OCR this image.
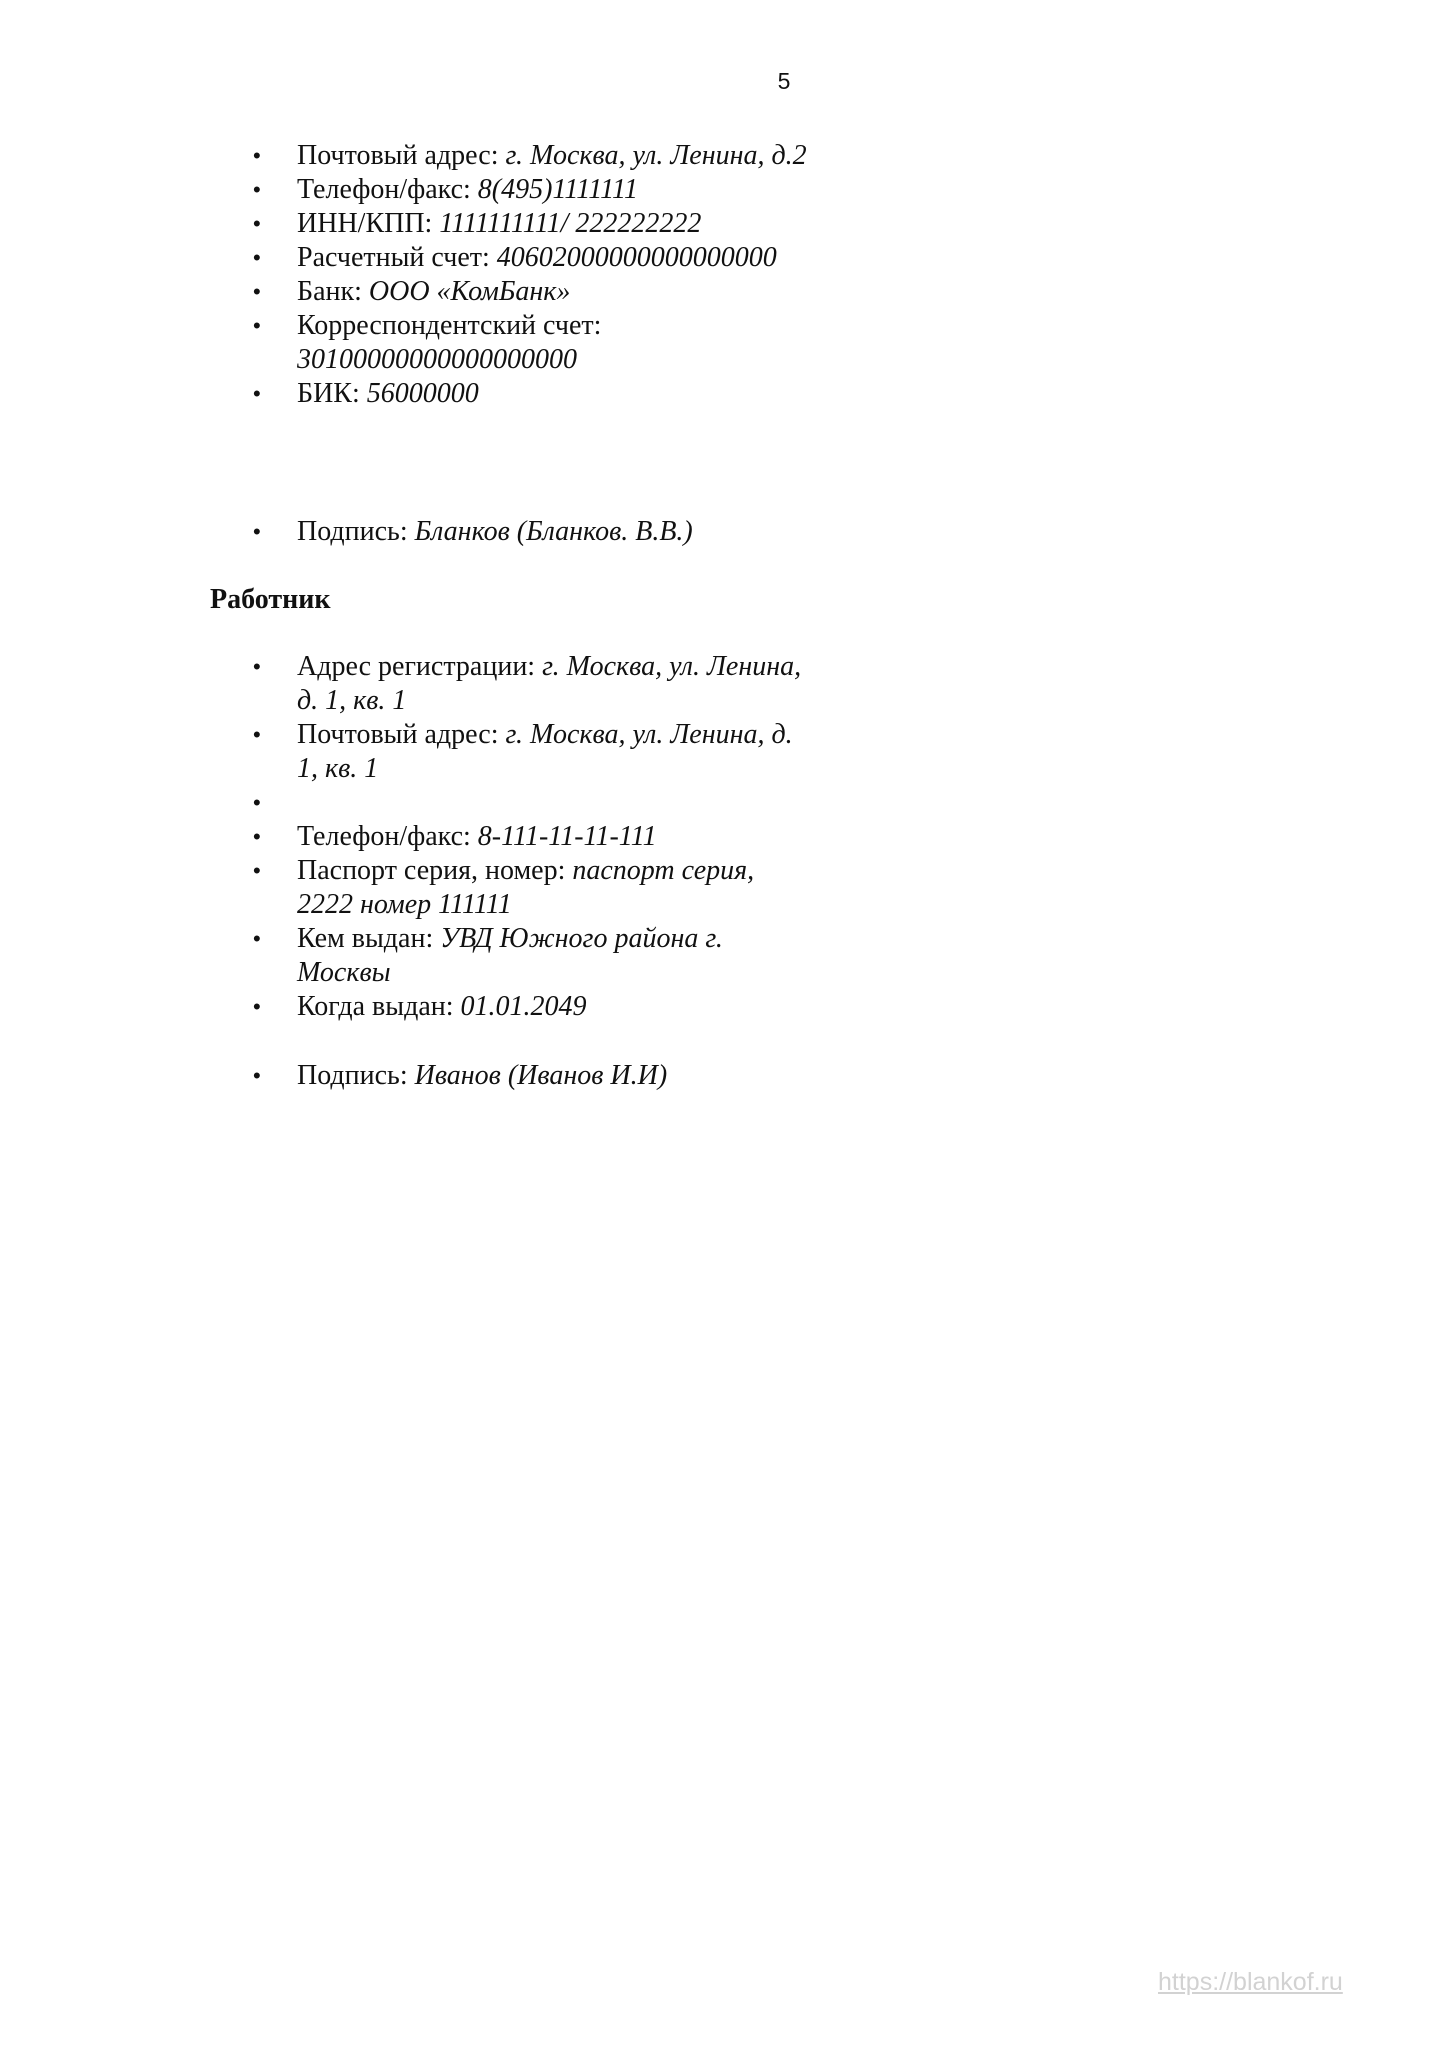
5
• Почтовый адрес: г. Москва, ул. Ленина, д.2
• Телефон/факс: 8(495)1111111
• ИНН/КПП: 1111111111/ 222222222
• Расчетный счет: 40602000000000000000
• Банк: ООО «КомБанк»
• Корреспондентский счет: 30100000000000000000
• БИК: 56000000
• Подпись: Бланков (Бланков. В.В.)
Работник
• Адрес регистрации: г. Москва, ул. Ленина, д. 1, кв. 1
• Почтовый адрес: г. Москва, ул. Ленина, д. 1, кв. 1
•
• Телефон/факс: 8-111-11-11-111
• Паспорт серия, номер: паспорт серия, 2222 номер 111111
• Кем выдан: УВД Южного района г. Москвы
• Когда выдан: 01.01.2049
• Подпись: Иванов (Иванов И.И)
https://blankof.ru
